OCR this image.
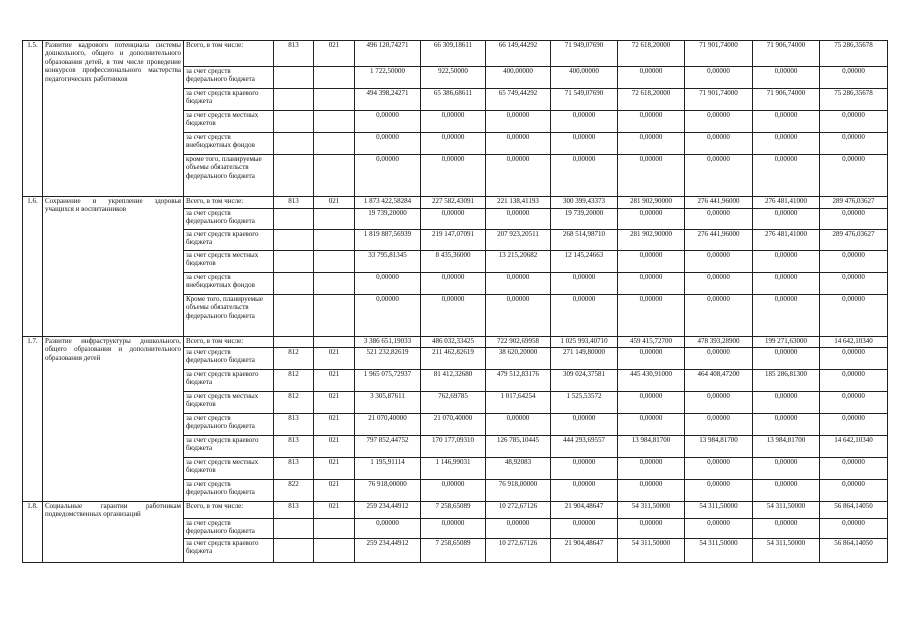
1.5.	Развитие кадрового потенциала системы дошкольного, общего и дополнительного образования детей, в том числе проведение конкурсов профессионального мастерства педагогических работников	Всего, в том числе:	813	021	496 120,74271	66 309,18611	66 149,44292	71 949,07690	72 618,20000	71 901,74000	71 906,74000	75 286,35678
		за счет средств федерального бюджета			1 722,50000	922,50000	400,00000	400,00000	0,00000	0,00000	0,00000	0,00000
		за счет средств краевого бюджета			494 398,24271	65 386,68611	65 749,44292	71 549,07690	72 618,20000	71 901,74000	71 906,74000	75 286,35678
		за счет средств местных бюджетов			0,00000	0,00000	0,00000	0,00000	0,00000	0,00000	0,00000	0,00000
		за счет средств внебюджетных фондов			0,00000	0,00000	0,00000	0,00000	0,00000	0,00000	0,00000	0,00000
		кроме того, планируемые объемы обязательств федерального бюджета			0,00000	0,00000	0,00000	0,00000	0,00000	0,00000	0,00000	0,00000
1.6.	Сохранение и укрепление здоровья учащихся и воспитанников	Всего, в том числе:	813	021	1 873 422,58284	227 582,43091	221 138,41193	300 399,43373	281 902,90000	276 441,96000	276 481,41000	289 476,03627
		за счет средств федерального бюджета			19 739,20000	0,00000	0,00000	19 739,20000	0,00000	0,00000	0,00000	0,00000
		за счет средств краевого бюджета			1 819 887,56939	219 147,07091	207 923,20511	268 514,98710	281 902,90000	276 441,96000	276 481,41000	289 476,03627
		за счет средств местных бюджетов			33 795,81345	8 435,36000	13 215,20682	12 145,24663	0,00000	0,00000	0,00000	0,00000
		за счет средств внебюджетных фондов			0,00000	0,00000	0,00000	0,00000	0,00000	0,00000	0,00000	0,00000
		Кроме того, планируемые объемы обязательств федерального бюджета			0,00000	0,00000	0,00000	0,00000	0,00000	0,00000	0,00000	0,00000
1.7.	Развитие инфраструктуры дошкольного, общего образования и дополнительного образования детей	Всего, в том числе:			3 386 651,19033	486 032,33425	722 902,69958	1 025 993,40710	459 415,72700	478 393,28900	199 271,63000	14 642,10340
		за счет средств федерального бюджета	812	021	521 232,82619	211 462,82619	38 620,20000	271 149,80000	0,00000	0,00000	0,00000	0,00000
		за счет средств краевого бюджета	812	021	1 965 075,72937	81 412,32680	479 512,83176	309 024,37581	445 430,91000	464 408,47200	185 286,81300	0,00000
		за счет средств местных бюджетов	812	021	3 305,87611	762,69785	1 017,64254	1 525,53572	0,00000	0,00000	0,00000	0,00000
		за счет средств федерального бюджета	813	021	21 070,40000	21 070,40000	0,00000	0,00000	0,00000	0,00000	0,00000	0,00000
		за счет средств краевого бюджета	813	021	797 852,44752	170 177,09310	126 785,10445	444 293,69557	13 984,81700	13 984,81700	13 984,81700	14 642,10340
		за счет средств местных бюджетов	813	021	1 195,91114	1 146,99031	48,92083	0,00000	0,00000	0,00000	0,00000	0,00000
		за счет средств федерального бюджета	822	021	76 918,00000	0,00000	76 918,00000	0,00000	0,00000	0,00000	0,00000	0,00000
1.8.	Социальные гарантии работникам подведомственных организаций	Всего, в том числе:	813	021	259 234,44912	7 258,65089	10 272,67126	21 904,48647	54 311,50000	54 311,50000	54 311,50000	56 864,14050
		за счет средств федерального бюджета			0,00000	0,00000	0,00000	0,00000	0,00000	0,00000	0,00000	0,00000
		за счет средств краевого бюджета			259 234,44912	7 258,65089	10 272,67126	21 904,48647	54 311,50000	54 311,50000	54 311,50000	56 864,14050
